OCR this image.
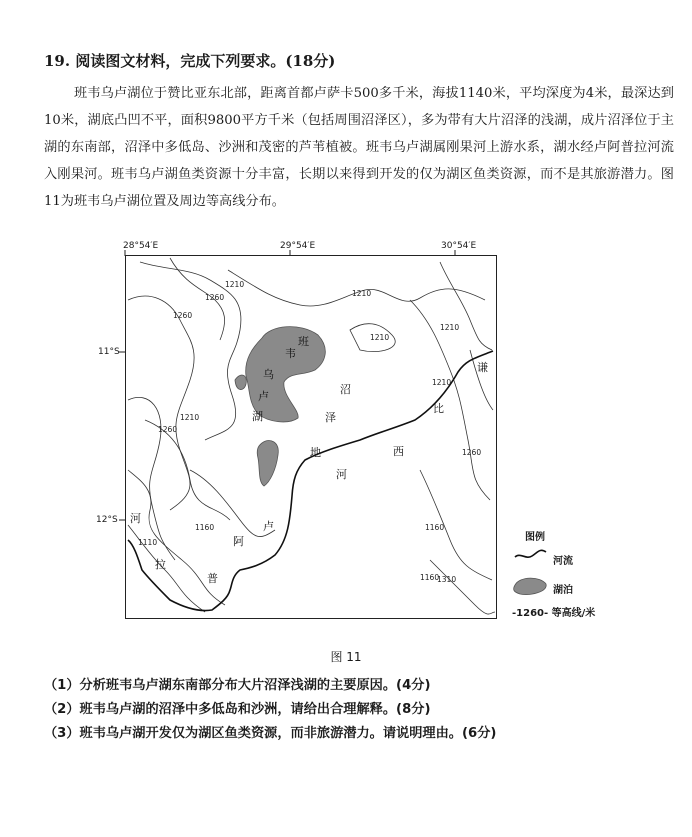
19. 阅读图文材料，完成下列要求。(18分)
班韦乌卢湖位于赞比亚东北部，距离首都卢萨卡500多千米，海拔1140米，平均深度为4米，最深达到10米，湖底凸凹不平，面积9800平方千米（包括周围沼泽区），多为带有大片沼泽的浅湖，成片沼泽位于主湖的东南部，沼泽中多低岛、沙洲和茂密的芦苇植被。班韦乌卢湖属刚果河上游水系，湖水经卢阿普拉河流入刚果河。班韦乌卢湖鱼类资源十分丰富，长期以来得到开发的仅为湖区鱼类资源，而不是其旅游潜力。图11为班韦乌卢湖位置及周边等高线分布。
28°54′E	29°54′E	30°54′E
11°S
12°S
1260
1260
1210
1210
1210
1210
1210
1260
1210
1160
1110
1160
1160
1260
1310
班
韦
乌
卢
湖
沼
泽
地
谦
比
西
河
卢
阿
普
拉
河
图例
河流
湖泊
-1260- 等高线/米
图 11
（1）分析班韦乌卢湖东南部分布大片沼泽浅湖的主要原因。(4分)
（2）班韦乌卢湖的沼泽中多低岛和沙洲，请给出合理解释。(8分)
（3）班韦乌卢湖开发仅为湖区鱼类资源，而非旅游潜力。请说明理由。(6分)
